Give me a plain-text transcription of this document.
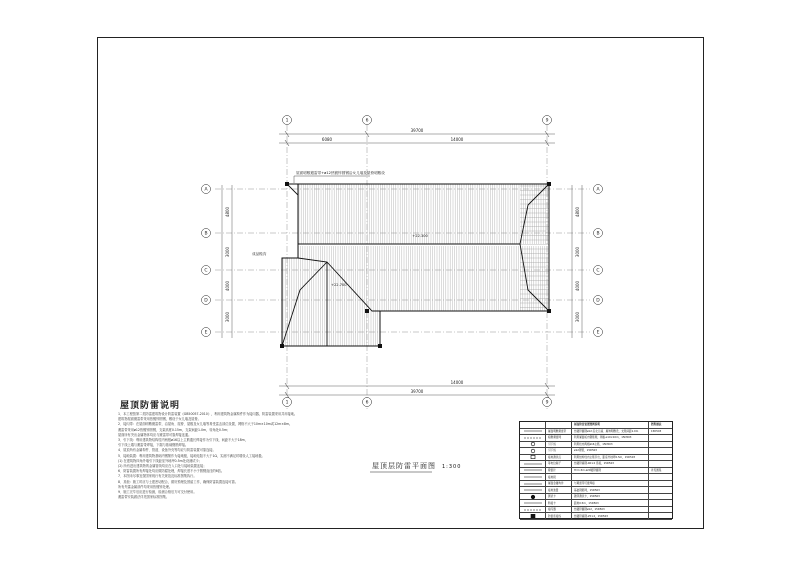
1	6	9
1	6	9
A
B
C
D
E
A
B
C
D
E
39700
6080	14000
14000
39700
4800
3000
4000
3000
4800
3000
4000
3000
+22.300
+22.700
屋面明敷避雷带+ø12热镀锌圆钢沿女儿墙及屋脊明敷设
成品檐沟
屋顶防雷说明
1、本工程按第二类防雷建筑物设计防雷装置《GB50057-2010》，利用建筑物金属构件作为接闪器，防雷装置采用共用接地。
建筑物屋面避雷带采用热镀锌圆钢，敷设于女儿墙及屋脊。
2、接闪带：在屋面明敷避雷带，沿屋角、屋脊、屋檐及女儿墙等易受雷击部位设置，网格不大于10m×10m或12m×8m。
避雷带采用ø12热镀锌圆钢，支架高度0.15m，支架间距1.0m，转角处0.5m；
屋面所有突出金属物体均应与避雷带可靠焊接连通。
3、引下线：利用建筑物结构柱内两根ø16以上主筋通长焊接作为引下线，间距不大于18m，
引下线上端与避雷带焊接，下端与基础钢筋焊接。
4、屋顶所有金属构件、管道、设备外壳等均应与防雷装置可靠连接。
5、接地装置：利用建筑物基础内钢筋作为接地极，接地电阻不大于1Ω，实测不满足时增设人工接地极。
(1) 在建筑物四角外墙引下线距室外地坪0.5m处设测试卡；
(2) 所有进出建筑物的金属管线均应在入口处与接地装置连接；
6、防雷装置所有焊接处均应做防腐处理，焊接长度不小于圆钢直径的6倍。
7、本图未尽事宜按国家现行有关规范及标准图集执行。
8、其他：施工时应与土建密切配合，做好预埋及预留工作，确保防雷装置连接可靠。
所有外露金属部件均采用热镀锌处理。
9、施工完毕后应进行检测，检测合格后方可交付使用。
避雷带安装做法详见国家标准图集。
屋顶层防雷平面图 1:300
屋面防雷装置图例说明	图集做法
屋面明敷避雷带	热镀锌圆钢ø12 沿女儿墙、屋脊明敷设，支架间距1.0m	15D503
暗敷避雷网	利用屋面板内钢筋网，网格≤10×10m，15D503
引下线	利用柱内两根ø16主筋，15D503
引下线	ø12钢管，15D503
接地测试点	利用结构柱内主筋引出，距室外地坪0.5m，15D503
等电位端子	热镀锌扁钢-40×4 连接，15D503
避雷针	H=1.5m ø20镀锌圆钢	详见图集
接地极
屋面金属构件	与避雷带可靠焊接
接地装置	基础钢筋网，15D503
测试卡	镀锌测试卡，15D503
断接卡	距地0.5m，15D503
接闪器	热镀锌圆钢ø12，15D503
防雷连接线	热镀锌扁钢-25×4，15D503
